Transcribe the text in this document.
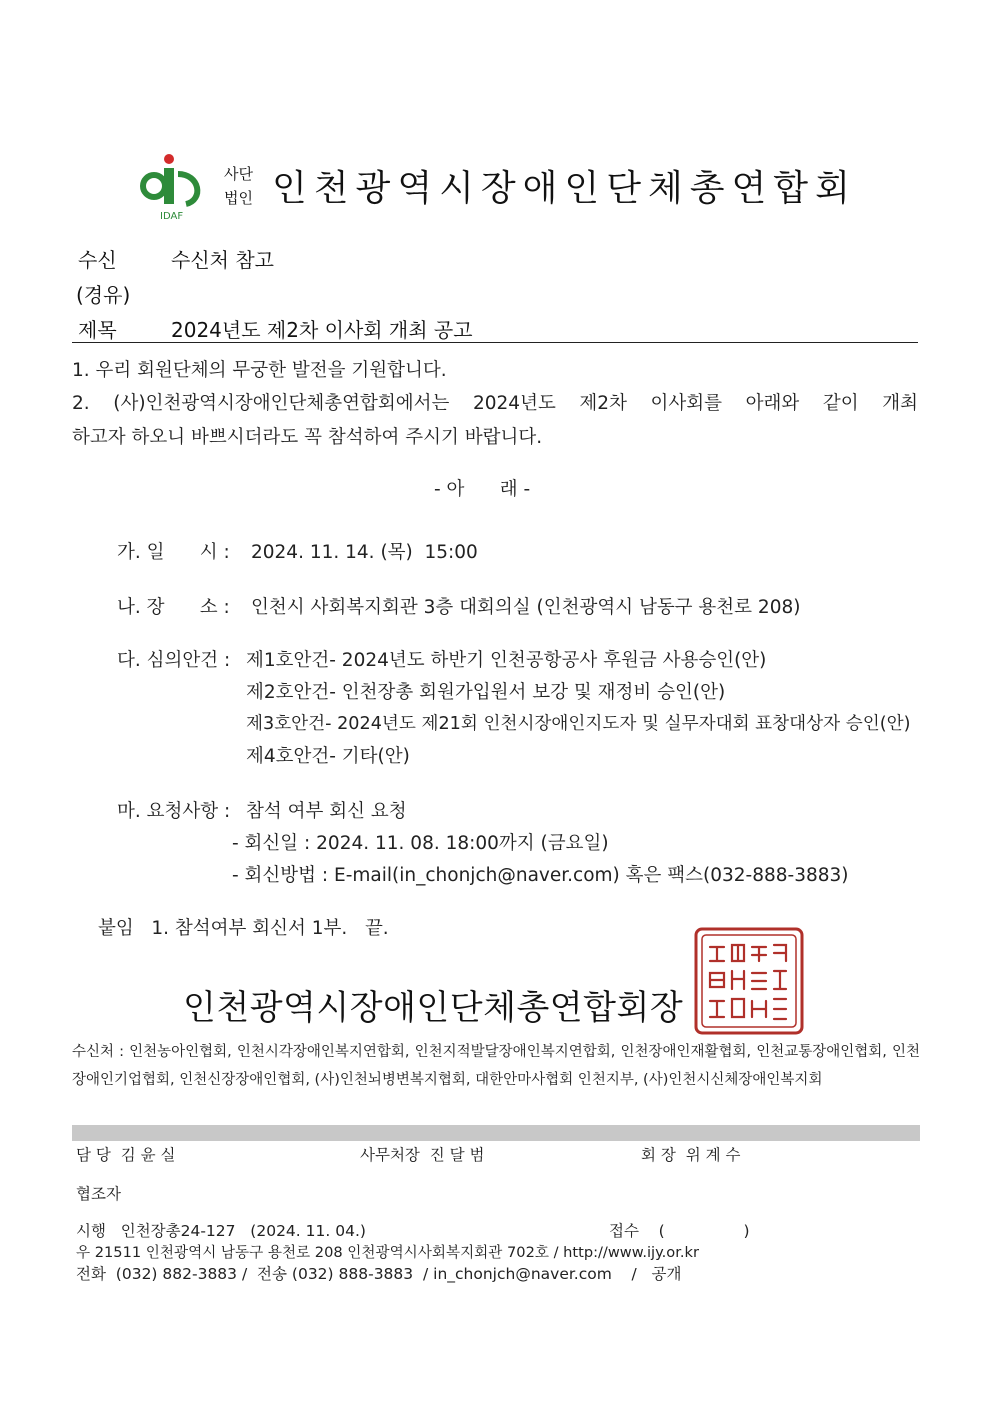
IDAF
사단
법인 인천광역시장애인단체총연합회
수신	수신처 참고
(경유)
제목	2024년도 제2차 이사회 개최 공고
1. 우리 회원단체의 무궁한 발전을 기원합니다.
2. (사)인천광역시장애인단체총연합회에서는 2024년도 제2차 이사회를 아래와 같이 개최
하고자 하오니 바쁘시더라도 꼭 참석하여 주시기 바랍니다.
- 아      래 -
가. 일      시 : 2024. 11. 14. (목)  15:00
나. 장      소 : 인천시 사회복지회관 3층 대회의실 (인천광역시 남동구 용천로 208)
다. 심의안건 : 제1호안건- 2024년도 하반기 인천공항공사 후원금 사용승인(안)
제2호안건- 인천장총 회원가입원서 보강 및 재정비 승인(안)
제3호안건- 2024년도 제21회 인천시장애인지도자 및 실무자대회 표창대상자 승인(안)
제4호안건- 기타(안)
마. 요청사항 : 참석 여부 회신 요청
- 회신일 : 2024. 11. 08. 18:00까지 (금요일)
- 회신방법 : E-mail(in_chonjch@naver.com) 혹은 팩스(032-888-3883)
붙임   1. 참석여부 회신서 1부.   끝.
인천광역시장애인단체총연합회장
수신처 : 인천농아인협회, 인천시각장애인복지연합회, 인천지적발달장애인복지연합회, 인천장애인재활협회, 인천교통장애인협회, 인천장애인기업협회, 인천신장장애인협회, (사)인천뇌병변복지협회, 대한안마사협회 인천지부, (사)인천시신체장애인복지회
담 당  김 윤 실	사무처장  진 달 범	회 장  위 계 수
협조자
시행   인천장총24-127   (2024. 11. 04.)	접수    (                )
우 21511 인천광역시 남동구 용천로 208 인천광역시사회복지회관 702호 / http://www.ijy.or.kr
전화  (032) 882-3883 /  전송 (032) 888-3883  / in_chonjch@naver.com    /   공개
